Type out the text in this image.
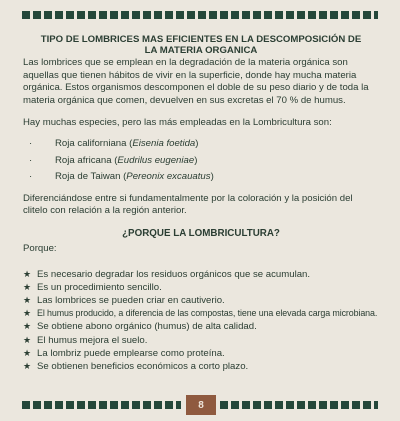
TIPO DE LOMBRICES MAS EFICIENTES EN LA DESCOMPOSICIÓN DE LA MATERIA ORGANICA

Las lombrices que se emplean en la degradación de la materia orgánica son aquellas que tienen hábitos de vivir en la superficie, donde hay mucha materia orgánica. Estos organismos descomponen el doble de su peso diario y de toda la materia orgánica que comen, devuelven en sus excretas el 70 % de humus.

Hay muchas especies, pero las más empleadas en la Lombricultura son:

· Roja californiana (Eisenia foetida)
· Roja africana (Eudrilus eugeniae)
· Roja de Taiwan (Pereonix excauatus)

Diferenciándose entre si fundamentalmente por la coloración y la posición del clitelo con relación a la región anterior.

¿PORQUE LA LOMBRICULTURA?

Porque:

★ Es necesario degradar los residuos orgánicos que se acumulan.
★ Es un procedimiento sencillo.
★ Las lombrices se pueden criar en cautiverio.
★ El humus producido, a diferencia de las compostas, tiene una elevada carga microbiana.
★ Se obtiene abono orgánico (humus) de alta calidad.
★ El humus mejora el suelo.
★ La lombriz puede emplearse como proteína.
★ Se obtienen beneficios económicos a corto plazo.
8
